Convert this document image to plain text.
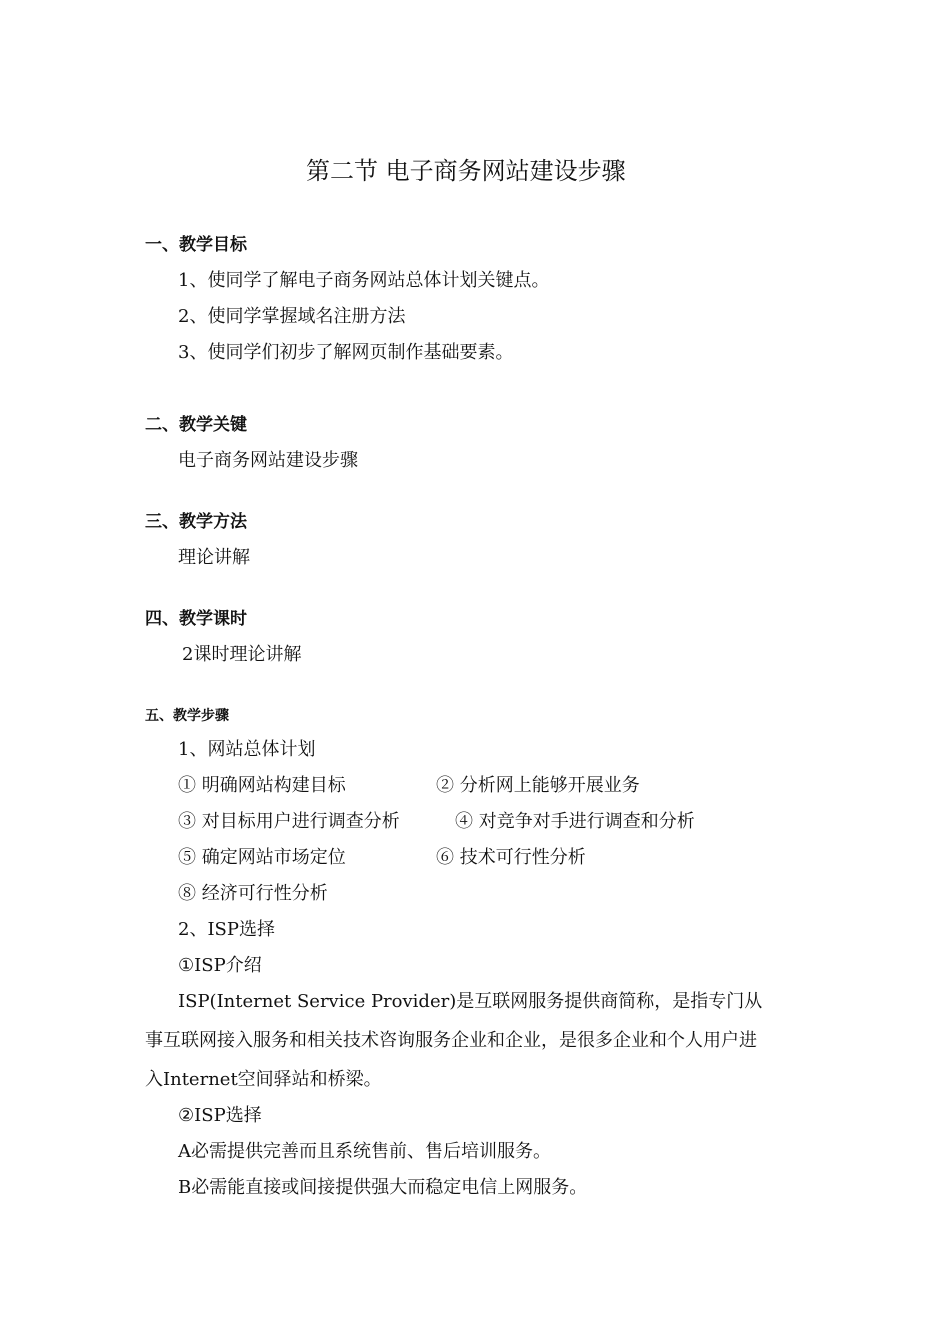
第二节 电子商务网站建设步骤
一、教学目标
1、使同学了解电子商务网站总体计划关键点。
2、使同学掌握域名注册方法
3、使同学们初步了解网页制作基础要素。
二、教学关键
电子商务网站建设步骤
三、教学方法
理论讲解
四、教学课时
2课时理论讲解
五、教学步骤
1、网站总体计划
① 明确网站构建目标	② 分析网上能够开展业务
③ 对目标用户进行调查分析	④ 对竞争对手进行调查和分析
⑤ 确定网站市场定位	⑥ 技术可行性分析
⑧ 经济可行性分析
2、ISP选择
①ISP介绍
ISP(Internet Service Provider)是互联网服务提供商简称，是指专门从
事互联网接入服务和相关技术咨询服务企业和企业，是很多企业和个人用户进
入Internet空间驿站和桥梁。
②ISP选择
A必需提供完善而且系统售前、售后培训服务。
B必需能直接或间接提供强大而稳定电信上网服务。
